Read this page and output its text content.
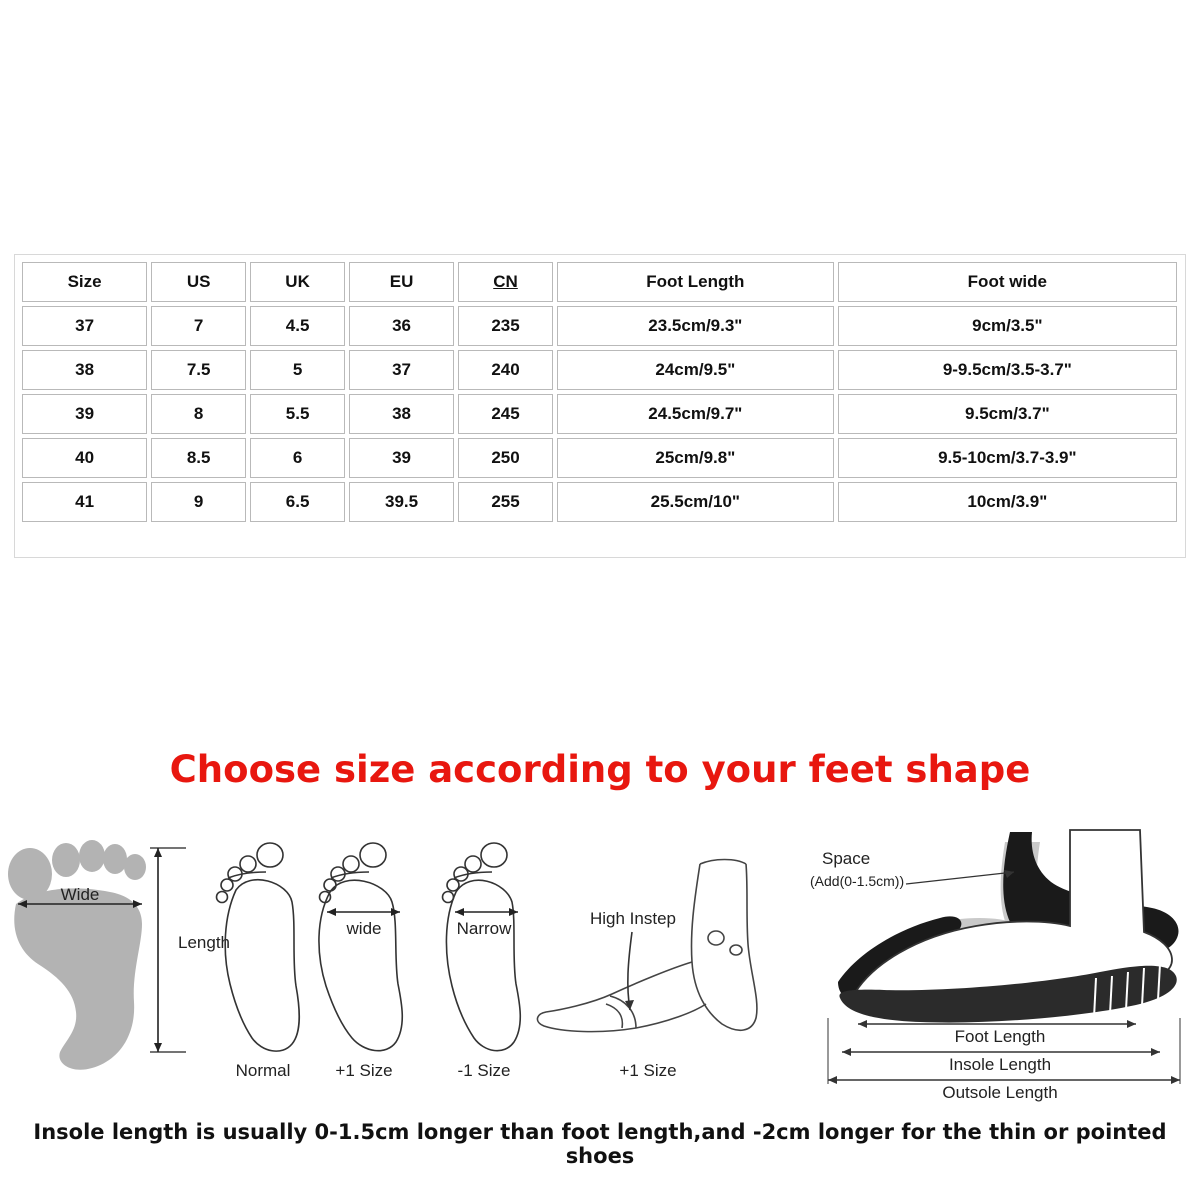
Size	US	UK	EU	CN	Foot Length	Foot wide
37	7	4.5	36	235	23.5cm/9.3"	9cm/3.5"
38	7.5	5	37	240	24cm/9.5"	9-9.5cm/3.5-3.7"
39	8	5.5	38	245	24.5cm/9.7"	9.5cm/3.7"
40	8.5	6	39	250	25cm/9.8"	9.5-10cm/3.7-3.9"
41	9	6.5	39.5	255	25.5cm/10"	10cm/3.9"
Choose size according to your feet shape
Wide
Length
Normal
wide
+1 Size
Narrow
-1 Size
High Instep
+1 Size
Space
(Add(0-1.5cm))
Foot Length
Insole Length
Outsole Length
Insole length is usually 0-1.5cm longer than foot length,and -2cm longer for the thin or pointed shoes
